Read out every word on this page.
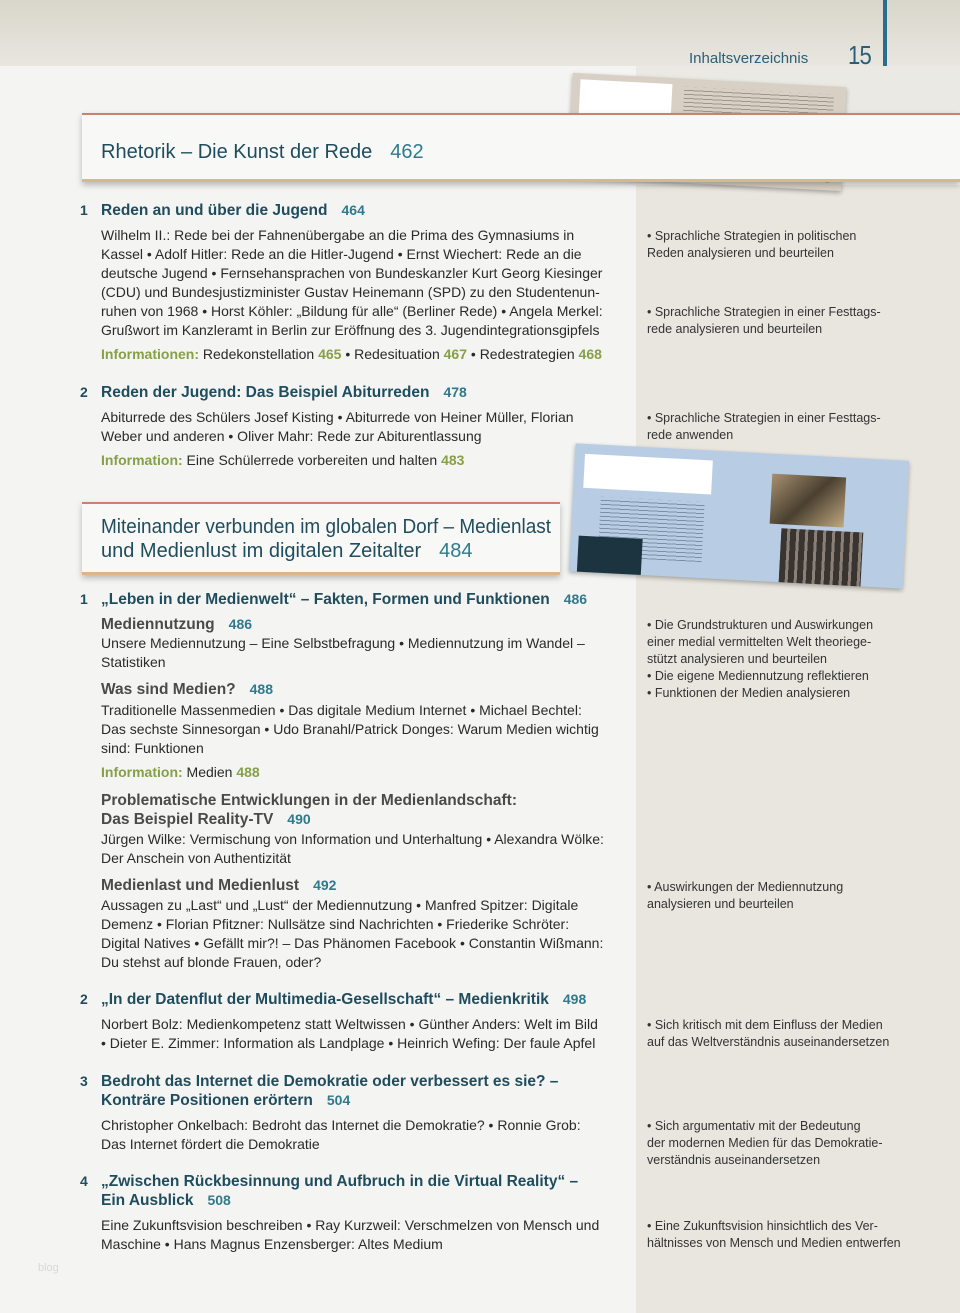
Inhaltsverzeichnis 15
Rhetorik – Die Kunst der Rede 462
1 Reden an und über die Jugend 464
Wilhelm II.: Rede bei der Fahnenübergabe an die Prima des Gymnasiums in
Kassel • Adolf Hitler: Rede an die Hitler-Jugend • Ernst Wiechert: Rede an die
deutsche Jugend • Fernsehansprachen von Bundeskanzler Kurt Georg Kiesinger
(CDU) und Bundesjustizminister Gustav Heinemann (SPD) zu den Studentenun-
ruhen von 1968 • Horst Köhler: „Bildung für alle“ (Berliner Rede) • Angela Merkel:
Grußwort im Kanzleramt in Berlin zur Eröffnung des 3. Jugendintegrationsgipfels
Informationen: Redekonstellation 465 • Redesituation 467 • Redestrategien 468
2 Reden der Jugend: Das Beispiel Abiturreden 478
Abiturrede des Schülers Josef Kisting • Abiturrede von Heiner Müller, Florian
Weber und anderen • Oliver Mahr: Rede zur Abiturentlassung
Information: Eine Schülerrede vorbereiten und halten 483
• Sprachliche Strategien in politischen
Reden analysieren und beurteilen
• Sprachliche Strategien in einer Festtags-
rede analysieren und beurteilen
• Sprachliche Strategien in einer Festtags-
rede anwenden
Miteinander verbunden im globalen Dorf – Medienlast
und Medienlust im digitalen Zeitalter 484
1 „Leben in der Medienwelt“ – Fakten, Formen und Funktionen 486
Mediennutzung 486
Unsere Mediennutzung – Eine Selbstbefragung • Mediennutzung im Wandel –
Statistiken
Was sind Medien? 488
Traditionelle Massenmedien • Das digitale Medium Internet • Michael Bechtel:
Das sechste Sinnesorgan • Udo Branahl/Patrick Donges: Warum Medien wichtig
sind: Funktionen
Information: Medien 488
Problematische Entwicklungen in der Medienlandschaft:
Das Beispiel Reality-TV 490
Jürgen Wilke: Vermischung von Information und Unterhaltung • Alexandra Wölke:
Der Anschein von Authentizität
Medienlast und Medienlust 492
Aussagen zu „Last“ und „Lust“ der Mediennutzung • Manfred Spitzer: Digitale
Demenz • Florian Pfitzner: Nullsätze sind Nachrichten • Friederike Schröter:
Digital Natives • Gefällt mir?! – Das Phänomen Facebook • Constantin Wißmann:
Du stehst auf blonde Frauen, oder?
2 „In der Datenflut der Multimedia-Gesellschaft“ – Medienkritik 498
Norbert Bolz: Medienkompetenz statt Weltwissen • Günther Anders: Welt im Bild
• Dieter E. Zimmer: Information als Landplage • Heinrich Wefing: Der faule Apfel
3 Bedroht das Internet die Demokratie oder verbessert es sie? –
Konträre Positionen erörtern 504
Christopher Onkelbach: Bedroht das Internet die Demokratie? • Ronnie Grob:
Das Internet fördert die Demokratie
4 „Zwischen Rückbesinnung und Aufbruch in die Virtual Reality“ –
Ein Ausblick 508
Eine Zukunftsvision beschreiben • Ray Kurzweil: Verschmelzen von Mensch und
Maschine • Hans Magnus Enzensberger: Altes Medium
• Die Grundstrukturen und Auswirkungen
einer medial vermittelten Welt theoriege-
stützt analysieren und beurteilen
• Die eigene Mediennutzung reflektieren
• Funktionen der Medien analysieren
• Auswirkungen der Mediennutzung
analysieren und beurteilen
• Sich kritisch mit dem Einfluss der Medien
auf das Weltverständnis auseinandersetzen
• Sich argumentativ mit der Bedeutung
der modernen Medien für das Demokratie-
verständnis auseinandersetzen
• Eine Zukunftsvision hinsichtlich des Ver-
hältnisses von Mensch und Medien entwerfen
blog
